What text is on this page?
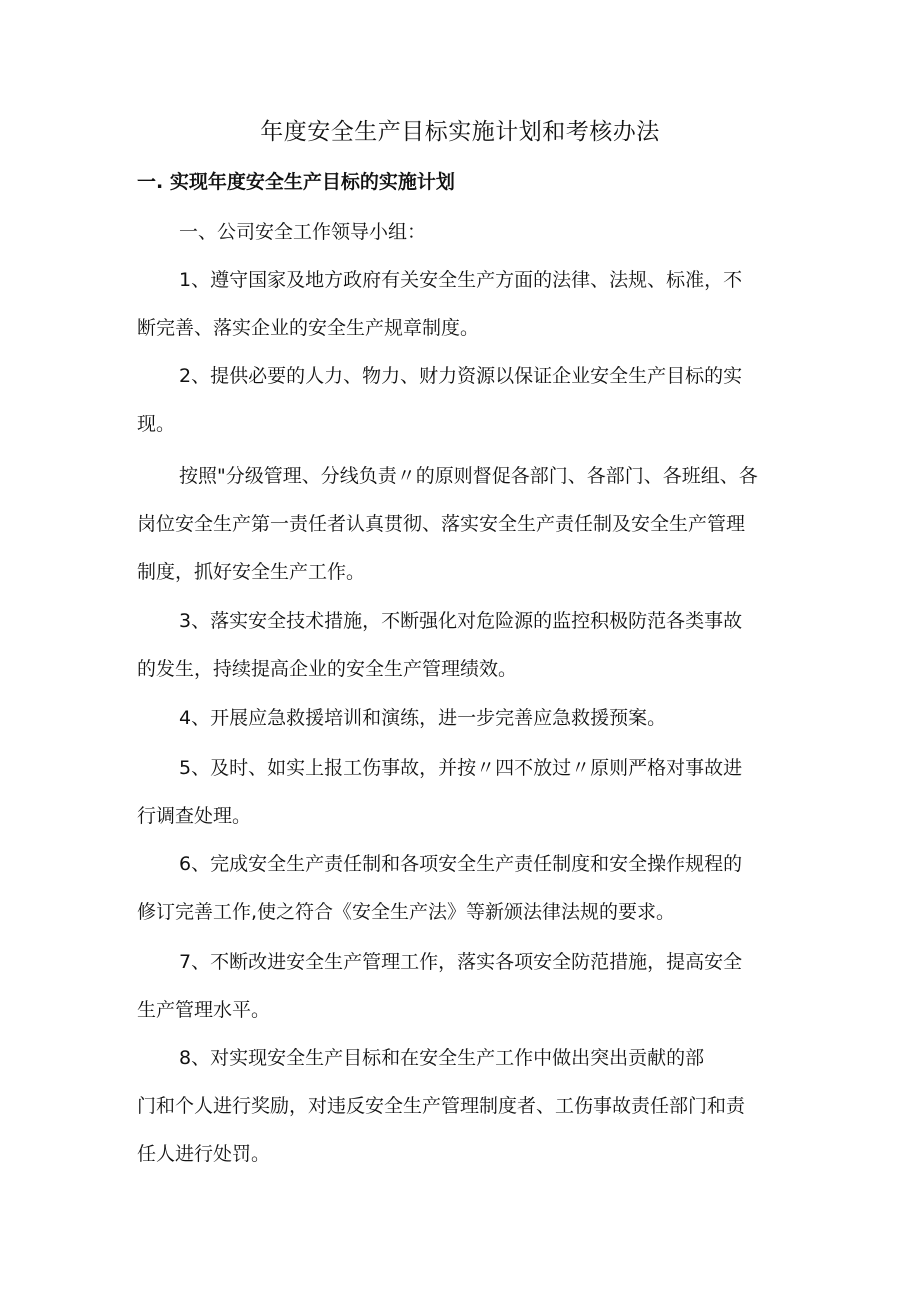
年度安全生产目标实施计划和考核办法
一. 实现年度安全生产目标的实施计划

一、公司安全工作领导小组：

1、遵守国家及地方政府有关安全生产方面的法律、法规、标准，不
断完善、落实企业的安全生产规章制度。

2、提供必要的人力、物力、财力资源以保证企业安全生产目标的实
现。

按照"分级管理、分线负责〃的原则督促各部门、各部门、各班组、各
岗位安全生产第一责任者认真贯彻、落实安全生产责任制及安全生产管理
制度，抓好安全生产工作。

3、落实安全技术措施，不断强化对危险源的监控积极防范各类事故
的发生，持续提高企业的安全生产管理绩效。

4、开展应急救援培训和演练，进一步完善应急救援预案。

5、及时、如实上报工伤事故，并按〃四不放过〃原则严格对事故进
行调查处理。

6、完成安全生产责任制和各项安全生产责任制度和安全操作规程的
修订完善工作,使之符合《安全生产法》等新颁法律法规的要求。

7、不断改进安全生产管理工作，落实各项安全防范措施，提高安全
生产管理水平。

8、对实现安全生产目标和在安全生产工作中做出突出贡献的部
门和个人进行奖励，对违反安全生产管理制度者、工伤事故责任部门和责
任人进行处罚。
